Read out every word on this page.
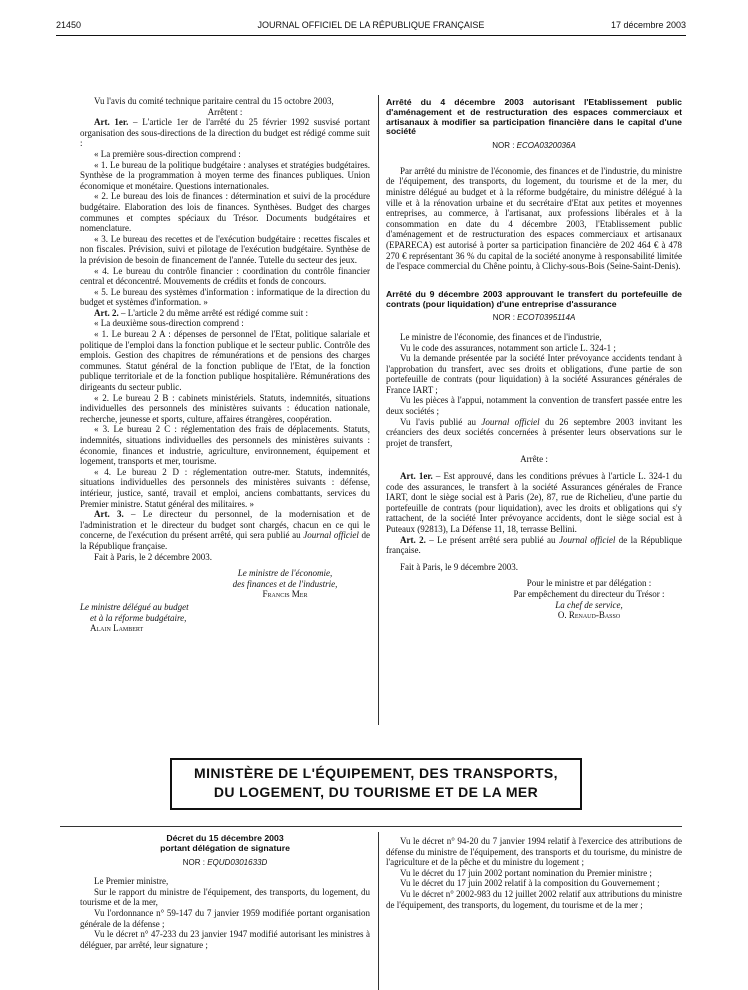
21450	JOURNAL OFFICIEL DE LA RÉPUBLIQUE FRANÇAISE	17 décembre 2003

Vu l'avis du comité technique paritaire central du 15 octobre 2003,

Arrêtent :

Art. 1er. – L'article 1er de l'arrêté du 25 février 1992 susvisé portant organisation des sous-directions de la direction du budget est rédigé comme suit :

« La première sous-direction comprend :

« 1. Le bureau de la politique budgétaire : analyses et stratégies budgétaires. Synthèse de la programmation à moyen terme des finances publiques. Union économique et monétaire. Questions internationales.

« 2. Le bureau des lois de finances : détermination et suivi de la procédure budgétaire. Elaboration des lois de finances. Synthèses. Budget des charges communes et comptes spéciaux du Trésor. Documents budgétaires et nomenclature.

« 3. Le bureau des recettes et de l'exécution budgétaire : recettes fiscales et non fiscales. Prévision, suivi et pilotage de l'exécution budgétaire. Synthèse de la prévision de besoin de financement de l'année. Tutelle du secteur des jeux.

« 4. Le bureau du contrôle financier : coordination du contrôle financier central et déconcentré. Mouvements de crédits et fonds de concours.

« 5. Le bureau des systèmes d'information : informatique de la direction du budget et systèmes d'information. »

Art. 2. – L'article 2 du même arrêté est rédigé comme suit :

« La deuxième sous-direction comprend :

« 1. Le bureau 2 A : dépenses de personnel de l'Etat, politique salariale et politique de l'emploi dans la fonction publique et le secteur public. Contrôle des emplois. Gestion des chapitres de rémunérations et de pensions des charges communes. Statut général de la fonction publique de l'Etat, de la fonction publique territoriale et de la fonction publique hospitalière. Rémunérations des dirigeants du secteur public.

« 2. Le bureau 2 B : cabinets ministériels. Statuts, indemnités, situations individuelles des personnels des ministères suivants : éducation nationale, recherche, jeunesse et sports, culture, affaires étrangères, coopération.

« 3. Le bureau 2 C : réglementation des frais de déplacements. Statuts, indemnités, situations individuelles des personnels des ministères suivants : économie, finances et industrie, agriculture, environnement, équipement et logement, transports et mer, tourisme.

« 4. Le bureau 2 D : réglementation outre-mer. Statuts, indemnités, situations individuelles des personnels des ministères suivants : défense, intérieur, justice, santé, travail et emploi, anciens combattants, services du Premier ministre. Statut général des militaires. »

Art. 3. – Le directeur du personnel, de la modernisation et de l'administration et le directeur du budget sont chargés, chacun en ce qui le concerne, de l'exécution du présent arrêté, qui sera publié au Journal officiel de la République française.

Fait à Paris, le 2 décembre 2003.

Le ministre de l'économie,

des finances et de l'industrie,

Francis Mer

Le ministre délégué au budget

et à la réforme budgétaire,

Alain Lambert

Arrêté du 4 décembre 2003 autorisant l'Etablissement public d'aménagement et de restructuration des espaces commerciaux et artisanaux à modifier sa participation financière dans le capital d'une société
NOR : ECOA0320036A

Par arrêté du ministre de l'économie, des finances et de l'industrie, du ministre de l'équipement, des transports, du logement, du tourisme et de la mer, du ministre délégué au budget et à la réforme budgétaire, du ministre délégué à la ville et à la rénovation urbaine et du secrétaire d'Etat aux petites et moyennes entreprises, au commerce, à l'artisanat, aux professions libérales et à la consommation en date du 4 décembre 2003, l'Etablissement public d'aménagement et de restructuration des espaces commerciaux et artisanaux (EPARECA) est autorisé à porter sa participation financière de 202 464 € à 478 270 € représentant 36 % du capital de la société anonyme à responsabilité limitée de l'espace commercial du Chêne pointu, à Clichy-sous-Bois (Seine-Saint-Denis).

Arrêté du 9 décembre 2003 approuvant le transfert du portefeuille de contrats (pour liquidation) d'une entreprise d'assurance
NOR : ECOT0395114A

Le ministre de l'économie, des finances et de l'industrie,

Vu le code des assurances, notamment son article L. 324-1 ;

Vu la demande présentée par la société Inter prévoyance accidents tendant à l'approbation du transfert, avec ses droits et obligations, d'une partie de son portefeuille de contrats (pour liquidation) à la société Assurances générales de France IART ;

Vu les pièces à l'appui, notamment la convention de transfert passée entre les deux sociétés ;

Vu l'avis publié au Journal officiel du 26 septembre 2003 invitant les créanciers des deux sociétés concernées à présenter leurs observations sur le projet de transfert,

Arrête :

Art. 1er. – Est approuvé, dans les conditions prévues à l'article L. 324-1 du code des assurances, le transfert à la société Assurances générales de France IART, dont le siège social est à Paris (2e), 87, rue de Richelieu, d'une partie du portefeuille de contrats (pour liquidation), avec les droits et obligations qui s'y rattachent, de la société Inter prévoyance accidents, dont le siège social est à Puteaux (92813), La Défense 11, 18, terrasse Bellini.

Art. 2. – Le présent arrêté sera publié au Journal officiel de la République française.

Fait à Paris, le 9 décembre 2003.

Pour le ministre et par délégation :

Par empêchement du directeur du Trésor :

La chef de service,

O. Renaud-Basso

MINISTÈRE DE L'ÉQUIPEMENT, DES TRANSPORTS,
DU LOGEMENT, DU TOURISME ET DE LA MER
Décret du 15 décembre 2003
portant délégation de signature
NOR : EQUD0301633D

Le Premier ministre,

Sur le rapport du ministre de l'équipement, des transports, du logement, du tourisme et de la mer,

Vu l'ordonnance n° 59-147 du 7 janvier 1959 modifiée portant organisation générale de la défense ;

Vu le décret n° 47-233 du 23 janvier 1947 modifié autorisant les ministres à déléguer, par arrêté, leur signature ;

Vu le décret n° 94-20 du 7 janvier 1994 relatif à l'exercice des attributions de défense du ministre de l'équipement, des transports et du tourisme, du ministre de l'agriculture et de la pêche et du ministre du logement ;

Vu le décret du 17 juin 2002 portant nomination du Premier ministre ;

Vu le décret du 17 juin 2002 relatif à la composition du Gouvernement ;

Vu le décret n° 2002-983 du 12 juillet 2002 relatif aux attributions du ministre de l'équipement, des transports, du logement, du tourisme et de la mer ;
